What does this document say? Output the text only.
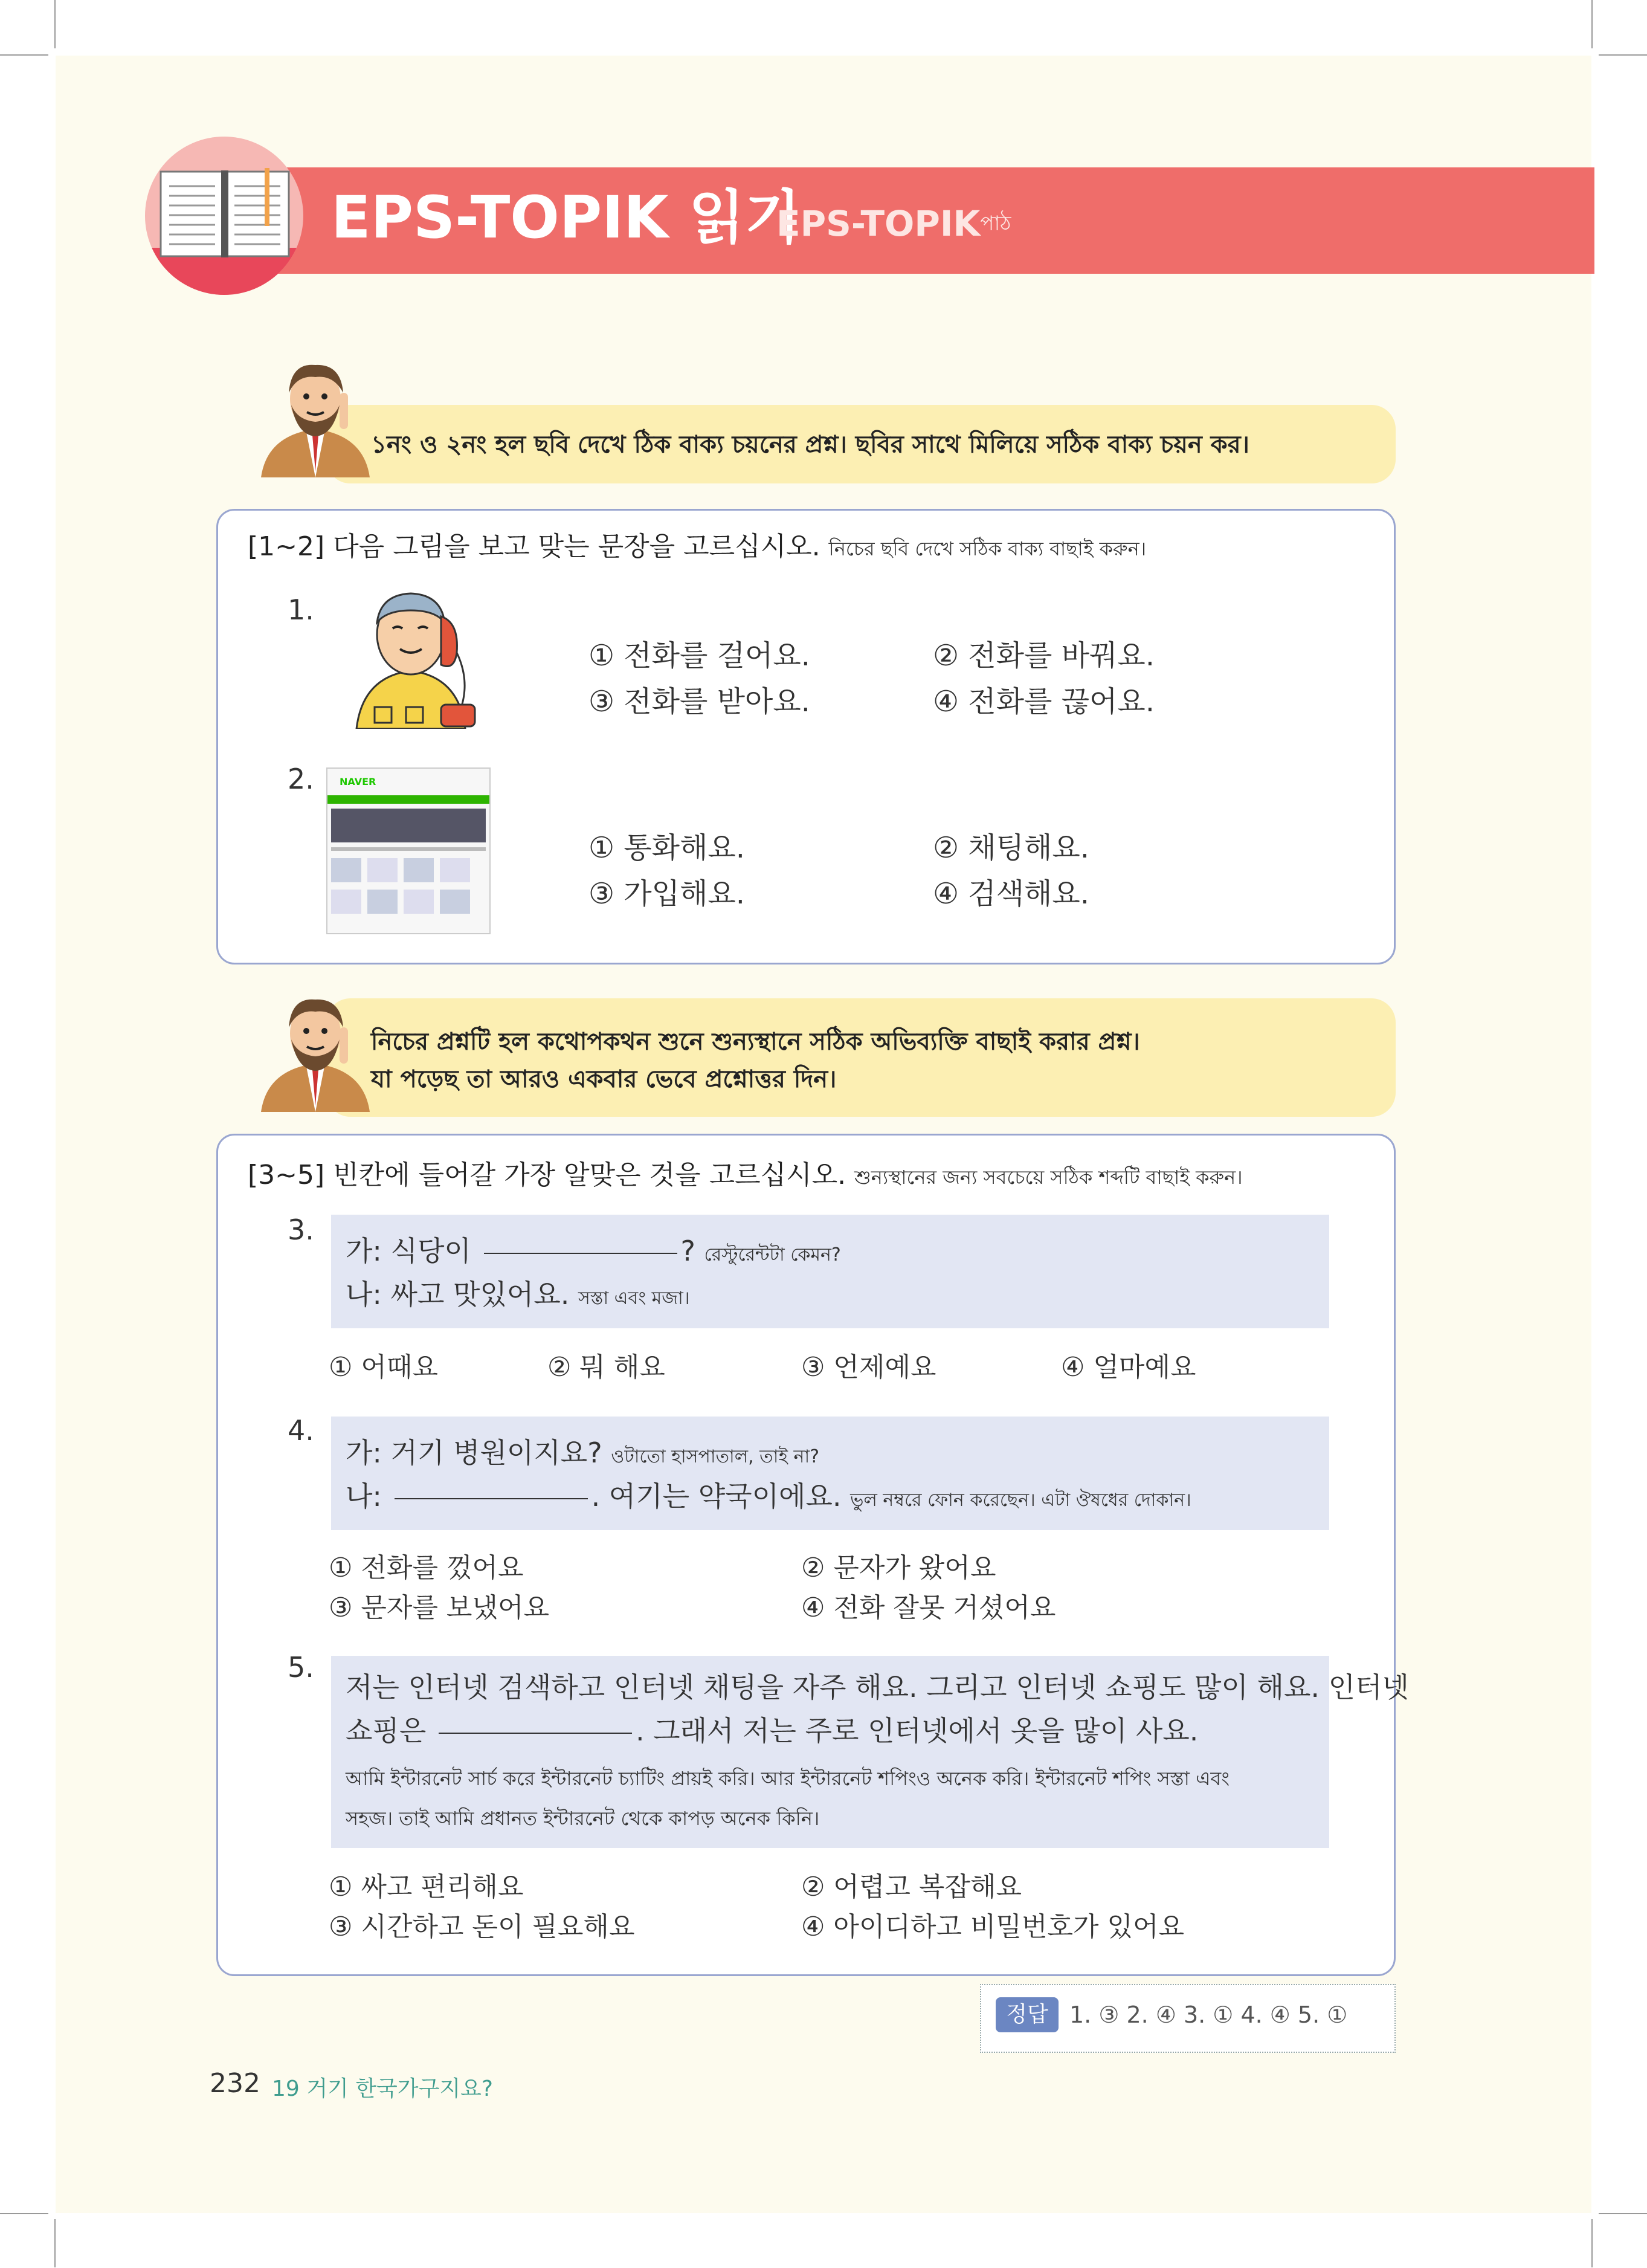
EPS-TOPIK 읽기
EPS-$TOPIK^{পাঠ}$
১নং ও ২নং হল ছবি দেখে ঠিক বাক্য চয়নের প্রশ্ন। ছবির সাথে মিলিয়ে সঠিক বাক্য চয়ন কর।
[1~2] 다음 그림을 보고 맞는 문장을 고르십시오. নিচের ছবি দেখে সঠিক বাক্য বাছাই করুন।
1.
① 전화를 걸어요.	② 전화를 바꿔요.
③ 전화를 받아요.	④ 전화를 끊어요.
2.	NAVER
① 통화해요.	② 채팅해요.
③ 가입해요.	④ 검색해요.
নিচের প্রশ্নটি হল কথোপকথন শুনে শুন্যস্থানে সঠিক অভিব্যক্তি বাছাই করার প্রশ্ন।
যা পড়েছ তা আরও একবার ভেবে প্রশ্নোত্তর দিন।
[3~5] 빈칸에 들어갈 가장 알맞은 것을 고르십시오. শুন্যস্থানের জন্য সবচেয়ে সঠিক শব্দটি বাছাই করুন।
3.
가: 식당이	? রেস্টুরেন্টটা কেমন?
나: 싸고 맛있어요. সস্তা এবং মজা।
① 어때요	② 뭐 해요	③ 언제예요	④ 얼마예요
4.
가: 거기 병원이지요? ওটাতো হাসপাতাল, তাই না?
나:	. 여기는 약국이에요. ভুল নম্বরে ফোন করেছেন। এটা ঔষধের দোকান।
① 전화를 껐어요	② 문자가 왔어요
③ 문자를 보냈어요	④ 전화 잘못 거셨어요
5.
저는 인터넷 검색하고 인터넷 채팅을 자주 해요. 그리고 인터넷 쇼핑도 많이 해요. 인터넷
쇼핑은	. 그래서 저는 주로 인터넷에서 옷을 많이 사요.
আমি ইন্টারনেট সার্চ করে ইন্টারনেট চ্যাটিং প্রায়ই করি। আর ইন্টারনেট শপিংও অনেক করি। ইন্টারনেট শপিং সস্তা এবং
সহজ। তাই আমি প্রধানত ইন্টারনেট থেকে কাপড় অনেক কিনি।
① 싸고 편리해요	② 어렵고 복잡해요
③ 시간하고 돈이 필요해요	④ 아이디하고 비밀번호가 있어요
정답 1. ③ 2. ④ 3. ① 4. ④ 5. ①
232 19 거기 한국가구지요?
